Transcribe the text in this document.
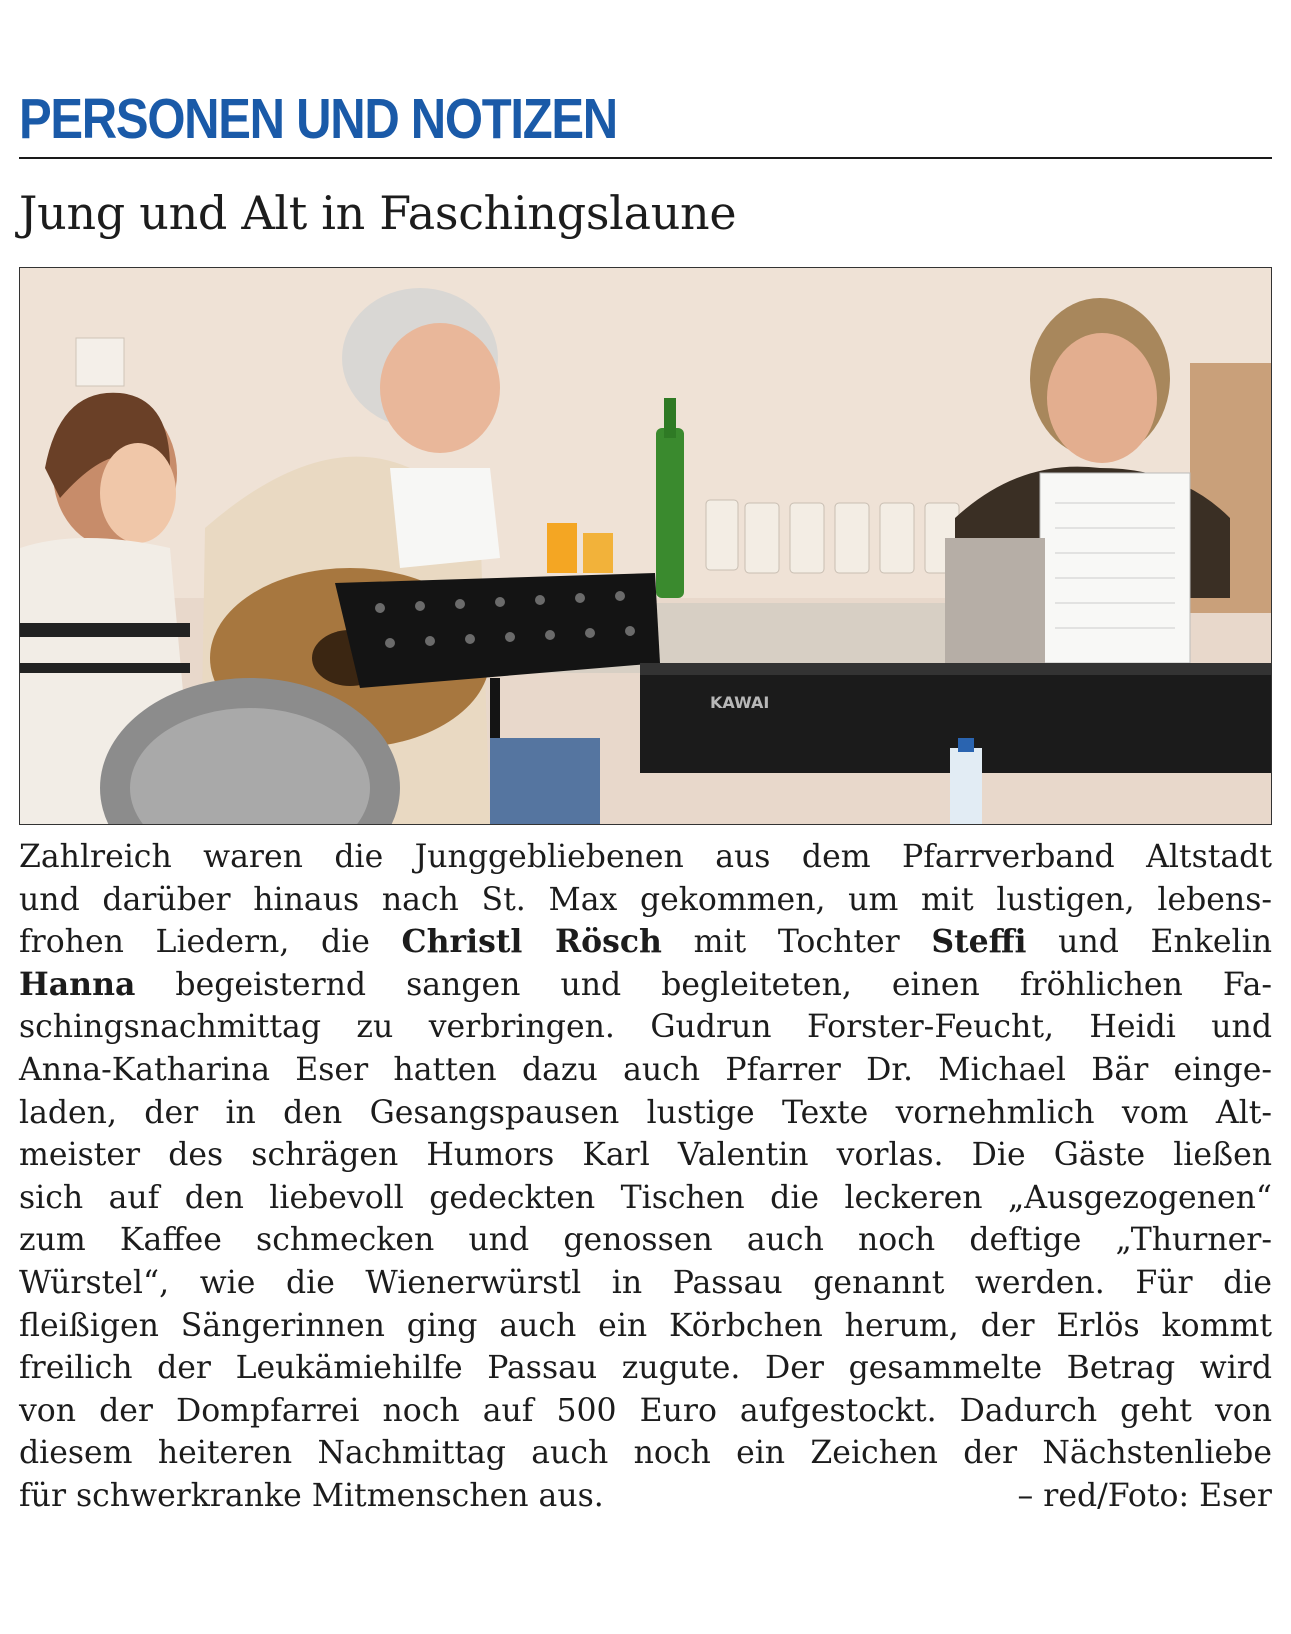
PERSONEN UND NOTIZEN
Jung und Alt in Faschingslaune
KAWAI
Zahlreich waren die Junggebliebenen aus dem Pfarrverband Altstadt
und darüber hinaus nach St. Max gekommen, um mit lustigen, lebens-
frohen Liedern, die Christl Rösch mit Tochter Steffi und Enkelin
Hanna begeisternd sangen und begleiteten, einen fröhlichen Fa-
schingsnachmittag zu verbringen. Gudrun Forster-Feucht, Heidi und
Anna-Katharina Eser hatten dazu auch Pfarrer Dr. Michael Bär einge-
laden, der in den Gesangspausen lustige Texte vornehmlich vom Alt-
meister des schrägen Humors Karl Valentin vorlas. Die Gäste ließen
sich auf den liebevoll gedeckten Tischen die leckeren „Ausgezogenen“
zum Kaffee schmecken und genossen auch noch deftige „Thurner-
Würstel“, wie die Wienerwürstl in Passau genannt werden. Für die
fleißigen Sängerinnen ging auch ein Körbchen herum, der Erlös kommt
freilich der Leukämiehilfe Passau zugute. Der gesammelte Betrag wird
von der Dompfarrei noch auf 500 Euro aufgestockt. Dadurch geht von
diesem heiteren Nachmittag auch noch ein Zeichen der Nächstenliebe
für schwerkranke Mitmenschen aus.	– red/Foto: Eser
